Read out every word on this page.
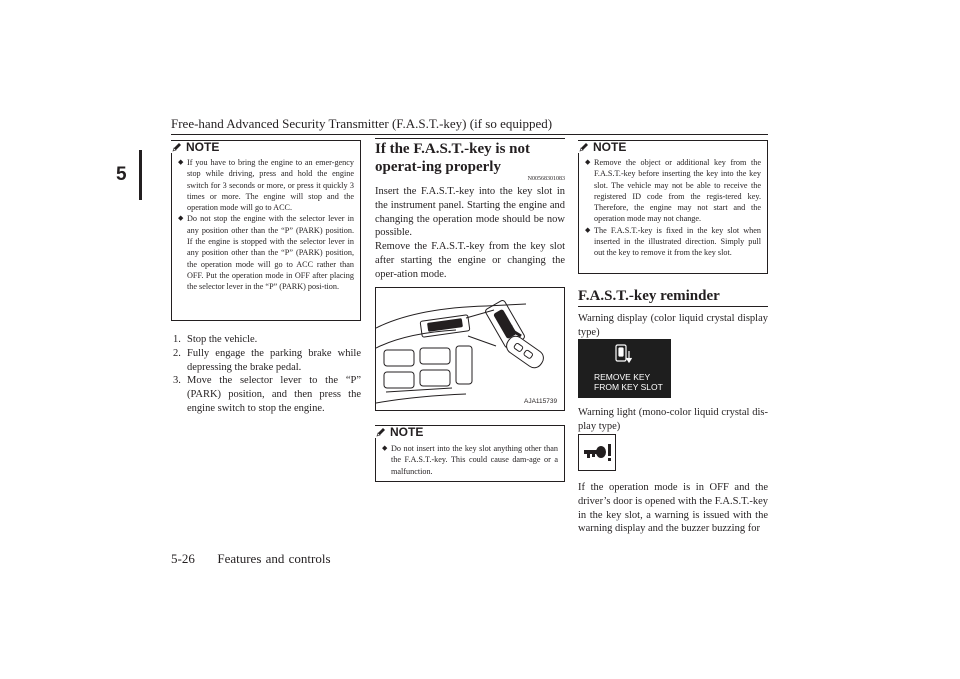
Free-hand Advanced Security Transmitter (F.A.S.T.-key) (if so equipped)
5
NOTE
◆ If you have to bring the engine to an emer-gency stop while driving, press and hold the engine switch for 3 seconds or more, or press it quickly 3 times or more. The engine will stop and the operation mode will go to ACC.
◆ Do not stop the engine with the selector lever in any position other than the “P” (PARK) position. If the engine is stopped with the selector lever in any position other than the “P” (PARK) position, the operation mode will go to ACC rather than OFF. Put the operation mode in OFF after placing the selector lever in the “P” (PARK) posi-tion.
1. Stop the vehicle.
2. Fully engage the parking brake while depressing the brake pedal.
3. Move the selector lever to the “P” (PARK) position, and then press the engine switch to stop the engine.
If the F.A.S.T.-key is not operat-ing properly
N00568301083
Insert the F.A.S.T.-key into the key slot in the instrument panel. Starting the engine and changing the operation mode should be now possible.
Remove the F.A.S.T.-key from the key slot after starting the engine or changing the oper-ation mode.
AJA115739
NOTE
◆ Do not insert into the key slot anything other than the F.A.S.T.-key. This could cause dam-age or a malfunction.
NOTE
◆ Remove the object or additional key from the F.A.S.T.-key before inserting the key into the key slot. The vehicle may not be able to receive the registered ID code from the regis-tered key. Therefore, the engine may not start and the operation mode may not change.
◆ The F.A.S.T.-key is fixed in the key slot when inserted in the illustrated direction. Simply pull out the key to remove it from the key slot.
F.A.S.T.-key reminder
Warning display (color liquid crystal display type)
REMOVE KEY
FROM KEY SLOT
Warning light (mono-color liquid crystal dis-play type)
If the operation mode is in OFF and the driver’s door is opened with the F.A.S.T.-key in the key slot, a warning is issued with the warning display and the buzzer buzzing for
5-26 Features and controls
